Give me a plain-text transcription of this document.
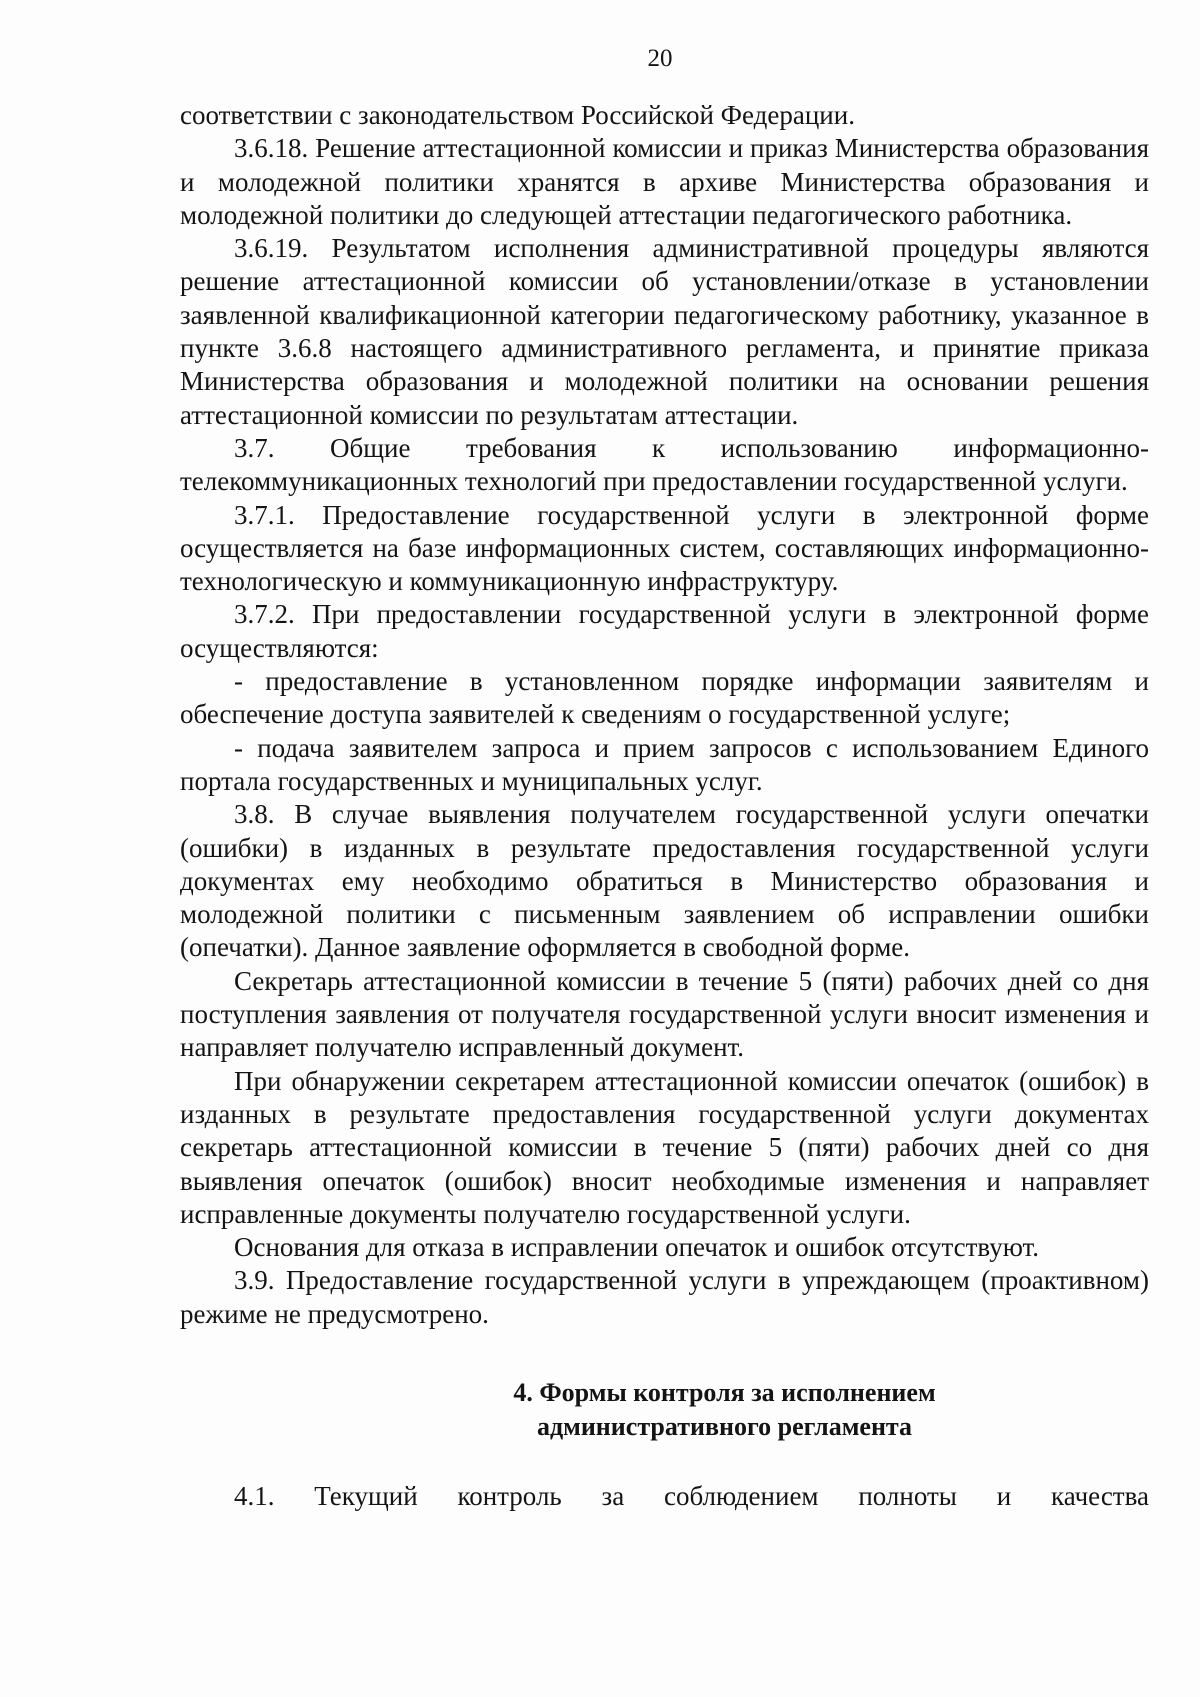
20

соответствии с законодательством Российской Федерации.

3.6.18. Решение аттестационной комиссии и приказ Министерства образования и молодежной политики хранятся в архиве Министерства образования и молодежной политики до следующей аттестации педагогического работника.

3.6.19. Результатом исполнения административной процедуры являются решение аттестационной комиссии об установлении/отказе в установлении заявленной квалификационной категории педагогическому работнику, указанное в пункте 3.6.8 настоящего административного регламента, и принятие приказа Министерства образования и молодежной политики на основании решения аттестационной комиссии по результатам аттестации.

3.7. Общие требования к использованию информационно-телекоммуникационных технологий при предоставлении государственной услуги.

3.7.1. Предоставление государственной услуги в электронной форме осуществляется на базе информационных систем, составляющих информационно-технологическую и коммуникационную инфраструктуру.

3.7.2. При предоставлении государственной услуги в электронной форме осуществляются:

- предоставление в установленном порядке информации заявителям и обеспечение доступа заявителей к сведениям о государственной услуге;

- подача заявителем запроса и прием запросов с использованием Единого портала государственных и муниципальных услуг.

3.8. В случае выявления получателем государственной услуги опечатки (ошибки) в изданных в результате предоставления государственной услуги документах ему необходимо обратиться в Министерство образования и молодежной политики с письменным заявлением об исправлении ошибки (опечатки). Данное заявление оформляется в свободной форме.

Секретарь аттестационной комиссии в течение 5 (пяти) рабочих дней со дня поступления заявления от получателя государственной услуги вносит изменения и направляет получателю исправленный документ.

При обнаружении секретарем аттестационной комиссии опечаток (ошибок) в изданных в результате предоставления государственной услуги документах секретарь аттестационной комиссии в течение 5 (пяти) рабочих дней со дня выявления опечаток (ошибок) вносит необходимые изменения и направляет исправленные документы получателю государственной услуги.

Основания для отказа в исправлении опечаток и ошибок отсутствуют.

3.9. Предоставление государственной услуги в упреждающем (проактивном) режиме не предусмотрено.

4. Формы контроля за исполнением
административного регламента

4.1. Текущий контроль за соблюдением полноты и качества
